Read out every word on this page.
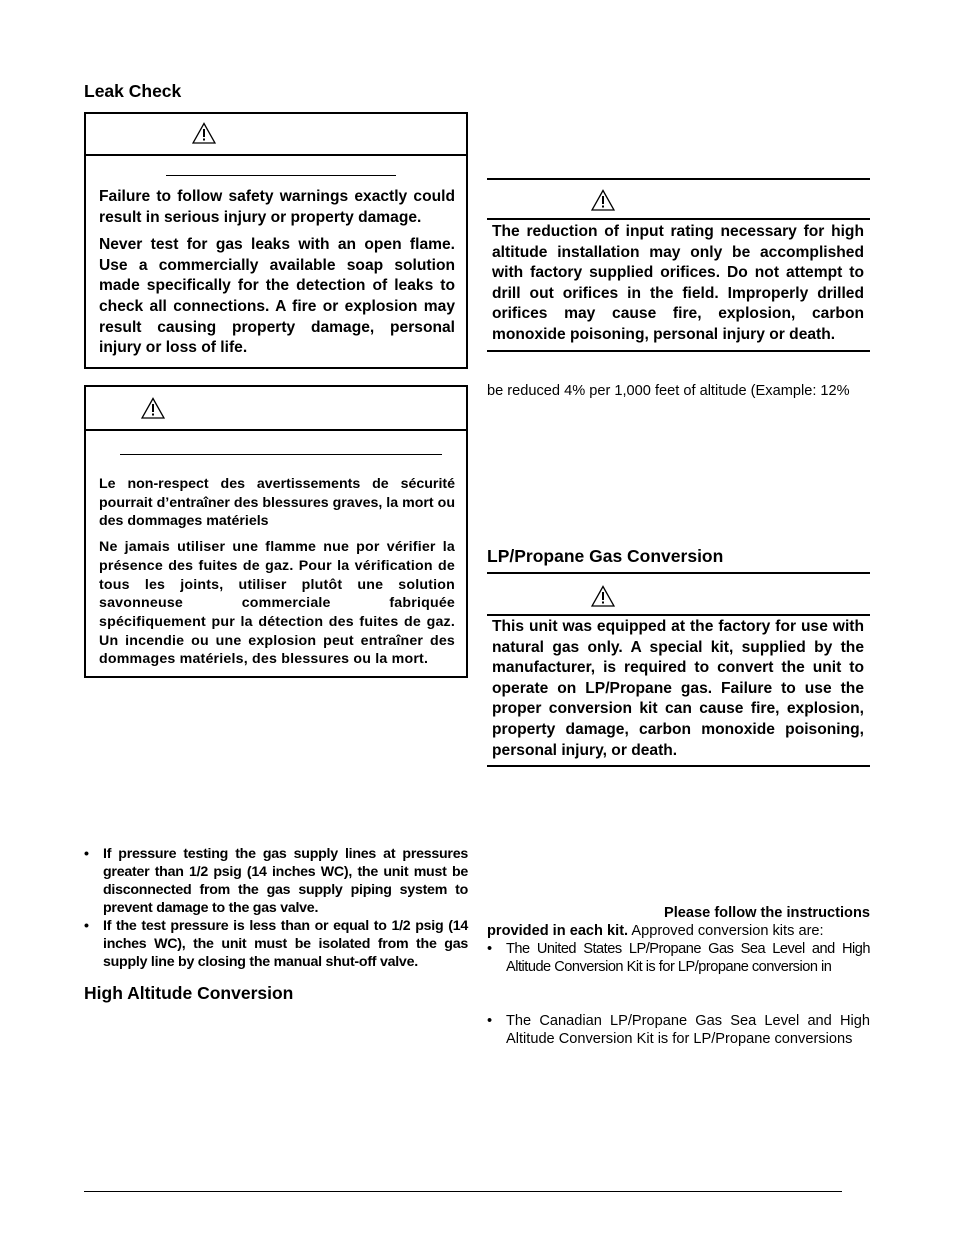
Leak Check

Failure to follow safety warnings exactly could result in serious injury or property damage.

Never test for gas leaks with an open flame. Use a commercially available soap solution made specifically for the detection of leaks to check all connections. A fire or explosion may result causing property damage, personal injury or loss of life.

Le non-respect des avertissements de sécurité pourrait d’entraîner des blessures graves, la mort ou des dommages matériels

Ne jamais utiliser une flamme nue por vérifier la présence des fuites de gaz. Pour la vérification de tous les joints, utiliser plutôt une solution savonneuse commerciale fabriquée spécifiquement pur la détection des fuites de gaz. Un incendie ou une explosion peut entraîner des dommages matériels, des blessures ou la mort.

• If pressure testing the gas supply lines at pressures greater than 1/2 psig (14 inches WC), the unit must be disconnected from the gas supply piping system to prevent damage to the gas valve.
• If the test pressure is less than or equal to 1/2 psig (14 inches WC), the unit must be isolated from the gas supply line by closing the manual shut-off valve.
High Altitude Conversion

The reduction of input rating necessary for high altitude installation may only be accomplished with factory supplied orifices. Do not attempt to drill out orifices in the field. Improperly drilled orifices may cause fire, explosion, carbon monoxide poisoning, personal injury or death.

be reduced 4% per 1,000 feet of altitude (Example: 12%
LP/Propane Gas Conversion

This unit was equipped at the factory for use with natural gas only. A special kit, supplied by the manufacturer, is required to convert the unit to operate on LP/Propane gas. Failure to use the proper conversion kit can cause fire, explosion, property damage, carbon monoxide poisoning, personal injury, or death.

Please follow the instructions
provided in each kit. Approved conversion kits are:
• The United States LP/Propane Gas Sea Level and High Altitude Conversion Kit is for LP/propane conversion in
• The Canadian LP/Propane Gas Sea Level and High Altitude Conversion Kit is for LP/Propane conversions
